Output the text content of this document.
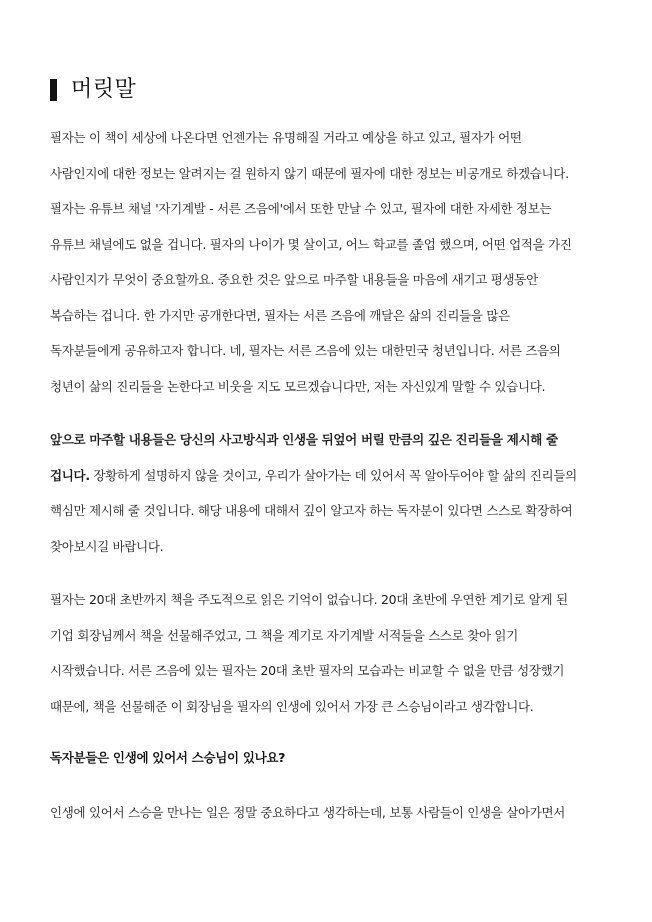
머릿말

필자는 이 책이 세상에 나온다면 언젠가는 유명해질 거라고 예상을 하고 있고, 필자가 어떤
사람인지에 대한 정보는 알려지는 걸 원하지 않기 때문에 필자에 대한 정보는 비공개로 하겠습니다.
필자는 유튜브 채널 '자기계발 - 서른 즈음에'에서 또한 만날 수 있고, 필자에 대한 자세한 정보는
유튜브 채널에도 없을 겁니다. 필자의 나이가 몇 살이고, 어느 학교를 졸업 했으며, 어떤 업적을 가진
사람인지가 무엇이 중요할까요. 중요한 것은 앞으로 마주할 내용들을 마음에 새기고 평생동안
복습하는 겁니다. 한 가지만 공개한다면, 필자는 서른 즈음에 깨달은 삶의 진리들을 많은
독자분들에게 공유하고자 합니다. 네, 필자는 서른 즈음에 있는 대한민국 청년입니다. 서른 즈음의
청년이 삶의 진리들을 논한다고 비웃을 지도 모르겠습니다만, 저는 자신있게 말할 수 있습니다.

앞으로 마주할 내용들은 당신의 사고방식과 인생을 뒤엎어 버릴 만큼의 깊은 진리들을 제시해 줄
겁니다. 장황하게 설명하지 않을 것이고, 우리가 살아가는 데 있어서 꼭 알아두어야 할 삶의 진리들의
핵심만 제시해 줄 것입니다. 해당 내용에 대해서 깊이 알고자 하는 독자분이 있다면 스스로 확장하여
찾아보시길 바랍니다.

필자는 20대 초반까지 책을 주도적으로 읽은 기억이 없습니다. 20대 초반에 우연한 계기로 알게 된
기업 회장님께서 책을 선물해주었고, 그 책을 계기로 자기계발 서적들을 스스로 찾아 읽기
시작했습니다. 서른 즈음에 있는 필자는 20대 초반 필자의 모습과는 비교할 수 없을 만큼 성장했기
때문에, 책을 선물해준 이 회장님을 필자의 인생에 있어서 가장 큰 스승님이라고 생각합니다.

독자분들은 인생에 있어서 스승님이 있나요?

인생에 있어서 스승을 만나는 일은 정말 중요하다고 생각하는데, 보통 사람들이 인생을 살아가면서
